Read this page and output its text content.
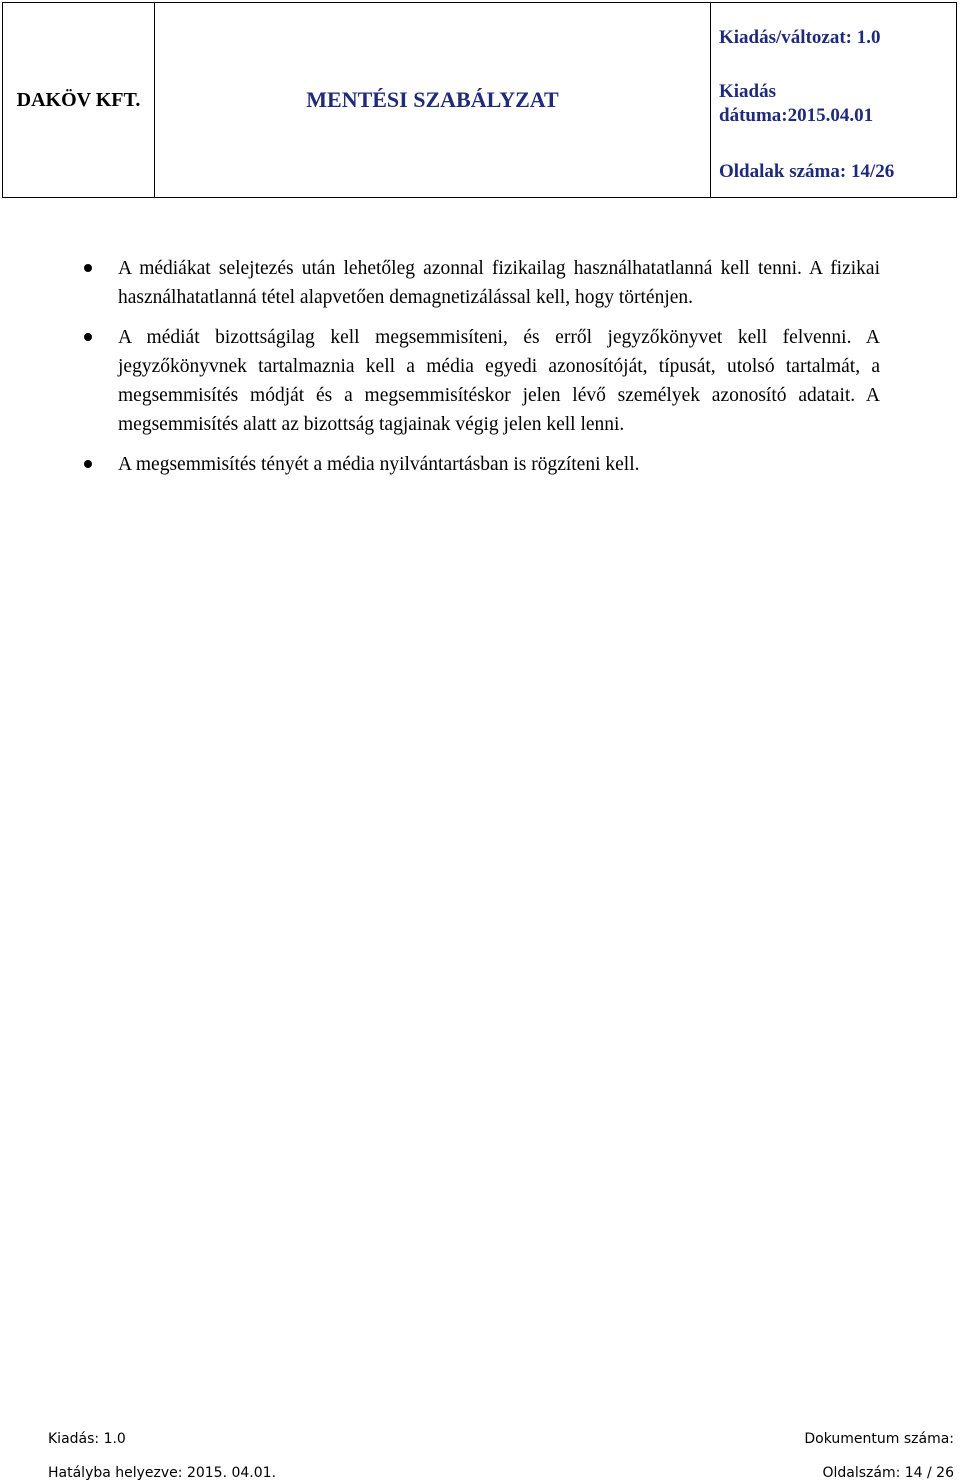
DAKÖV KFT.	MENTÉSI SZABÁLYZAT	
Kiadás/változat: 1.0
Kiadás
dátuma:2015.04.01
Oldalak száma: 14/26
A médiákat selejtezés után lehetőleg azonnal fizikailag használhatatlanná kell tenni. A fizikai használhatatlanná tétel alapvetően demagnetizálással kell, hogy történjen.
A médiát bizottságilag kell megsemmisíteni, és erről jegyzőkönyvet kell felvenni. A jegyzőkönyvnek tartalmaznia kell a média egyedi azonosítóját, típusát, utolsó tartalmát, a megsemmisítés módját és a megsemmisítéskor jelen lévő személyek azonosító adatait. A megsemmisítés alatt az bizottság tagjainak végig jelen kell lenni.
A megsemmisítés tényét a média nyilvántartásban is rögzíteni kell.
Kiadás: 1.0	Dokumentum száma:
Hatályba helyezve: 2015. 04.01.	Oldalszám: 14 / 26
